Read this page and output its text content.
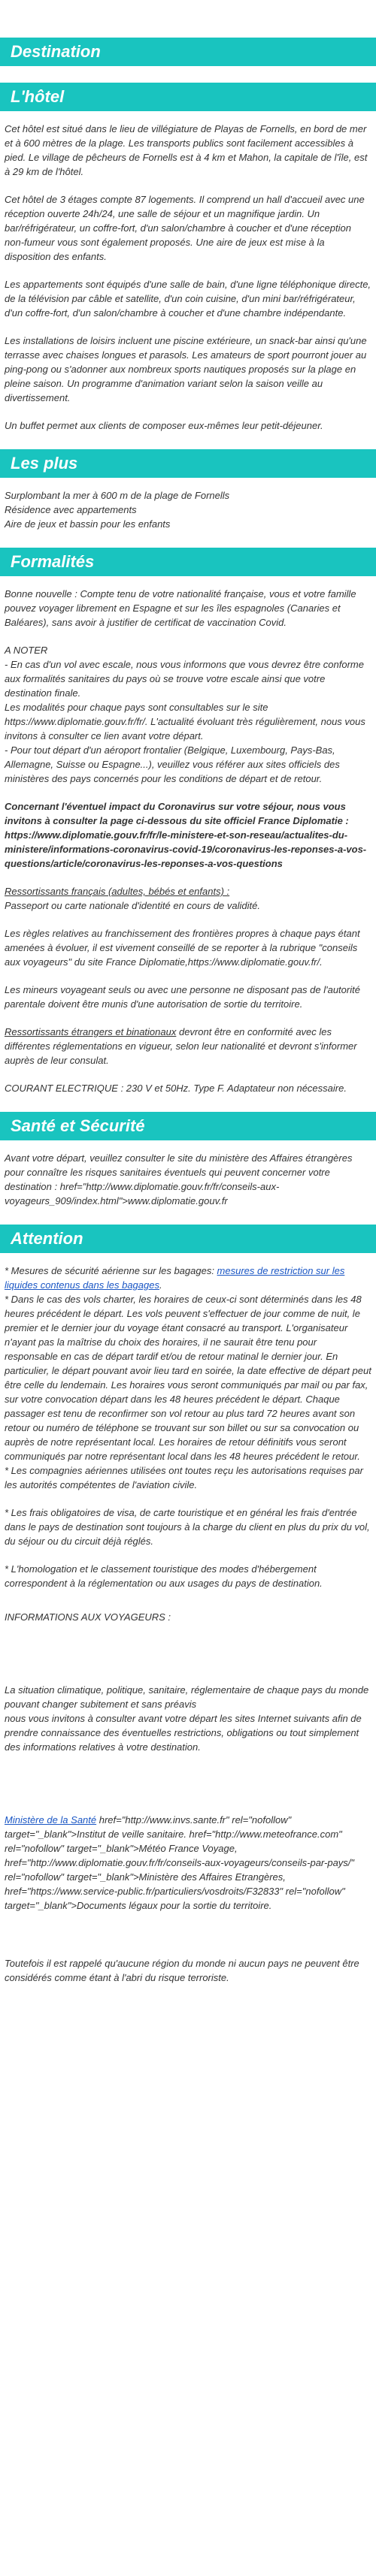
Destination
L'hôtel

Cet hôtel est situé dans le lieu de villégiature de Playas de Fornells, en bord de mer et à 600 mètres de la plage. Les transports publics sont facilement accessibles à pied. Le village de pêcheurs de Fornells est à 4 km et Mahon, la capitale de l'île, est à 29 km de l'hôtel.

Cet hôtel de 3 étages compte 87 logements. Il comprend un hall d'accueil avec une réception ouverte 24h/24, une salle de séjour et un magnifique jardin. Un bar/réfrigérateur, un coffre-fort, d'un salon/chambre à coucher et d'une réception non-fumeur vous sont également proposés. Une aire de jeux est mise à la disposition des enfants.

Les appartements sont équipés d'une salle de bain, d'une ligne téléphonique directe, de la télévision par câble et satellite, d'un coin cuisine, d'un mini bar/réfrigérateur, d'un coffre-fort, d'un salon/chambre à coucher et d'une chambre indépendante.

Les installations de loisirs incluent une piscine extérieure, un snack-bar ainsi qu'une terrasse avec chaises longues et parasols. Les amateurs de sport pourront jouer au ping-pong ou s'adonner aux nombreux sports nautiques proposés sur la plage en pleine saison. Un programme d'animation variant selon la saison veille au divertissement.

Un buffet permet aux clients de composer eux-mêmes leur petit-déjeuner.

Les plus

Surplombant la mer à 600 m de la plage de Fornells
Résidence avec appartements
Aire de jeux et bassin pour les enfants

Formalités

Bonne nouvelle : Compte tenu de votre nationalité française, vous et votre famille pouvez voyager librement en Espagne et sur les îles espagnoles (Canaries et Baléares), sans avoir à justifier de certificat de vaccination Covid.

A NOTER
- En cas d'un vol avec escale, nous vous informons que vous devrez être conforme aux formalités sanitaires du pays où se trouve votre escale ainsi que votre destination finale.
Les modalités pour chaque pays sont consultables sur le site https://www.diplomatie.gouv.fr/fr/. L'actualité évoluant très régulièrement, nous vous invitons à consulter ce lien avant votre départ.
- Pour tout départ d'un aéroport frontalier (Belgique, Luxembourg, Pays-Bas, Allemagne, Suisse ou Espagne...), veuillez vous référer aux sites officiels des ministères des pays concernés pour les conditions de départ et de retour.

Concernant l'éventuel impact du Coronavirus sur votre séjour, nous vous invitons à consulter la page ci-dessous du site officiel France Diplomatie : https://www.diplomatie.gouv.fr/fr/le-ministere-et-son-reseau/actualites-du-ministere/informations-coronavirus-covid-19/coronavirus-les-reponses-a-vos-questions/article/coronavirus-les-reponses-a-vos-questions

Ressortissants français (adultes, bébés et enfants) :
Passeport ou carte nationale d'identité en cours de validité.

Les règles relatives au franchissement des frontières propres à chaque pays étant amenées à évoluer, il est vivement conseillé de se reporter à la rubrique "conseils aux voyageurs" du site France Diplomatie,https://www.diplomatie.gouv.fr/.

Les mineurs voyageant seuls ou avec une personne ne disposant pas de l'autorité parentale doivent être munis d'une autorisation de sortie du territoire.

Ressortissants étrangers et binationaux devront être en conformité avec les différentes réglementations en vigueur, selon leur nationalité et devront s'informer auprès de leur consulat.

COURANT ELECTRIQUE : 230 V et 50Hz. Type F. Adaptateur non nécessaire.

Santé et Sécurité

Avant votre départ, veuillez consulter le site du ministère des Affaires étrangères pour connaître les risques sanitaires éventuels qui peuvent concerner votre
destination : href="http://www.diplomatie.gouv.fr/fr/conseils-aux-voyageurs_909/index.html">www.diplomatie.gouv.fr

Attention

* Mesures de sécurité aérienne sur les bagages: mesures de restriction sur les liquides contenus dans les bagages.

* Dans le cas des vols charter, les horaires de ceux-ci sont déterminés dans les 48 heures précédent le départ. Les vols peuvent s'effectuer de jour comme de nuit, le premier et le dernier jour du voyage étant consacré au transport. L'organisateur n'ayant pas la maîtrise du choix des horaires, il ne saurait être tenu pour responsable en cas de départ tardif et/ou de retour matinal le dernier jour. En particulier, le départ pouvant avoir lieu tard en soirée, la date effective de départ peut être celle du lendemain. Les horaires vous seront communiqués par mail ou par fax, sur votre convocation départ dans les 48 heures précédent le départ. Chaque passager est tenu de reconfirmer son vol retour au plus tard 72 heures avant son retour ou numéro de téléphone se trouvant sur son billet ou sur sa convocation ou auprès de notre représentant local. Les horaires de retour définitifs vous seront communiqués par notre représentant local dans les 48 heures précédent le retour.

* Les compagnies aériennes utilisées ont toutes reçu les autorisations requises par les autorités compétentes de l'aviation civile.

* Les frais obligatoires de visa, de carte touristique et en général les frais d'entrée dans le pays de destination sont toujours à la charge du client en plus du prix du vol, du séjour ou du circuit déjà réglés.

* L'homologation et le classement touristique des modes d'hébergement correspondent à la réglementation ou aux usages du pays de destination.

INFORMATIONS AUX VOYAGEURS :

La situation climatique, politique, sanitaire, réglementaire de chaque pays du monde pouvant changer subitement et sans préavis
nous vous invitons à consulter avant votre départ les sites Internet suivants afin de prendre connaissance des éventuelles restrictions, obligations ou tout simplement des informations relatives à votre destination.

Ministère de la Santé href="http://www.invs.sante.fr" rel="nofollow" target="_blank">Institut de veille sanitaire. href="http://www.meteofrance.com" rel="nofollow" target="_blank">Météo France Voyage, href="http://www.diplomatie.gouv.fr/fr/conseils-aux-voyageurs/conseils-par-pays/" rel="nofollow" target="_blank">Ministère des Affaires Etrangères, href="https://www.service-public.fr/particuliers/vosdroits/F32833" rel="nofollow" target="_blank">Documents légaux pour la sortie du territoire.

Toutefois il est rappelé qu'aucune région du monde ni aucun pays ne peuvent être considérés comme étant à l'abri du risque terroriste.
